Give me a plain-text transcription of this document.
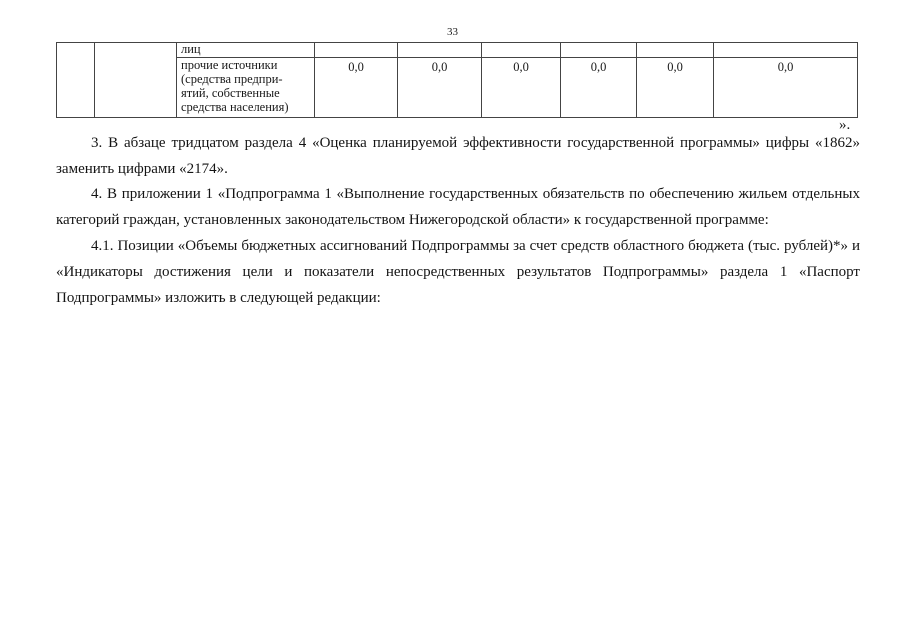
33
		лиц						

		прочие источники
(средства предпри-
ятий, собственные
средства населения)	0,0	0,0	0,0	0,0	0,0	0,0
».

3. В абзаце тридцатом раздела 4 «Оценка планируемой эффективности государственной программы» цифры «1862» заменить цифрами «2174».

4. В приложении 1 «Подпрограмма 1 «Выполнение государственных обязательств по обеспечению жильем отдельных категорий граждан, установленных законодательством Нижегородской области» к государственной программе:

4.1. Позиции «Объемы бюджетных ассигнований Подпрограммы за счет средств областного бюджета (тыс. рублей)*» и «Индикаторы достижения цели и показатели непосредственных результатов Подпрограммы» раздела 1 «Паспорт Подпрограммы» изложить в следующей редакции:
